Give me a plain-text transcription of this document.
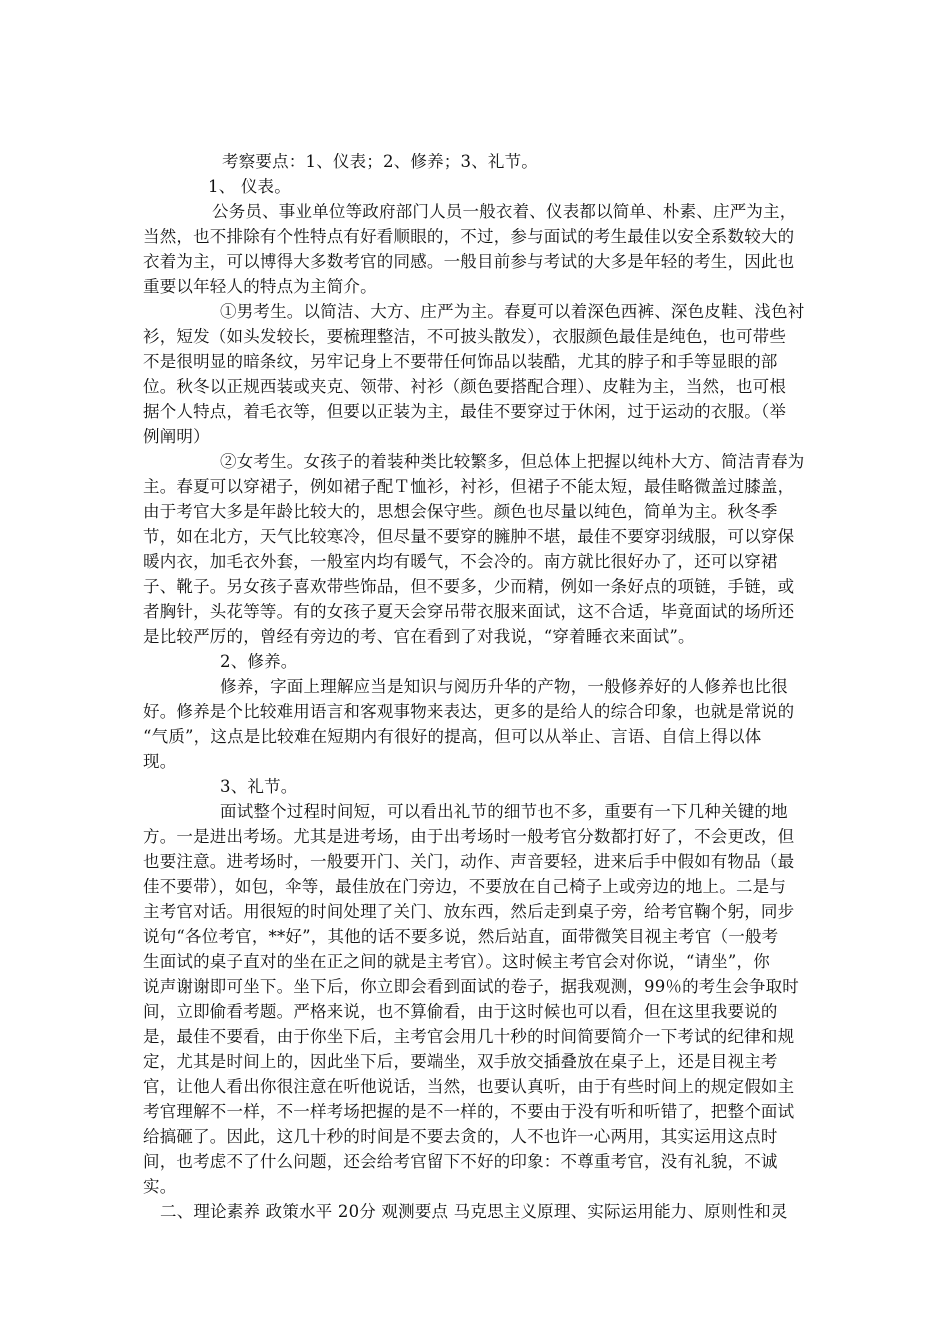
考察要点：1、仪表；2、修养；3、礼节。
1、 仪表。
公务员、事业单位等政府部门人员一般衣着、仪表都以简单、朴素、庄严为主，
当然，也不排除有个性特点有好看顺眼的，不过，参与面试的考生最佳以安全系数较大的
衣着为主，可以博得大多数考官的同感。一般目前参与考试的大多是年轻的考生，因此也
重要以年轻人的特点为主简介。
①男考生。以简洁、大方、庄严为主。春夏可以着深色西裤、深色皮鞋、浅色衬
衫，短发（如头发较长，要梳理整洁，不可披头散发），衣服颜色最佳是纯色，也可带些
不是很明显的暗条纹，另牢记身上不要带任何饰品以装酷，尤其的脖子和手等显眼的部
位。秋冬以正规西装或夹克、领带、衬衫（颜色要搭配合理）、皮鞋为主，当然，也可根
据个人特点，着毛衣等，但要以正装为主，最佳不要穿过于休闲，过于运动的衣服。（举
例阐明）
②女考生。女孩子的着装种类比较繁多，但总体上把握以纯朴大方、简洁青春为
主。春夏可以穿裙子，例如裙子配Ｔ恤衫，衬衫，但裙子不能太短，最佳略微盖过膝盖，
由于考官大多是年龄比较大的，思想会保守些。颜色也尽量以纯色，简单为主。秋冬季
节，如在北方，天气比较寒冷，但尽量不要穿的臃肿不堪，最佳不要穿羽绒服，可以穿保
暖内衣，加毛衣外套，一般室内均有暖气，不会冷的。南方就比很好办了，还可以穿裙
子、靴子。另女孩子喜欢带些饰品，但不要多，少而精，例如一条好点的项链，手链，或
者胸针，头花等等。有的女孩子夏天会穿吊带衣服来面试，这不合适，毕竟面试的场所还
是比较严厉的，曾经有旁边的考、官在看到了对我说，“穿着睡衣来面试”。
2、修养。
修养，字面上理解应当是知识与阅历升华的产物，一般修养好的人修养也比很
好。修养是个比较难用语言和客观事物来表达，更多的是给人的综合印象，也就是常说的
“气质”，这点是比较难在短期内有很好的提高，但可以从举止、言语、自信上得以体
现。
3、礼节。
面试整个过程时间短，可以看出礼节的细节也不多，重要有一下几种关键的地
方。一是进出考场。尤其是进考场，由于出考场时一般考官分数都打好了，不会更改，但
也要注意。进考场时，一般要开门、关门，动作、声音要轻，进来后手中假如有物品（最
佳不要带），如包，伞等，最佳放在门旁边，不要放在自己椅子上或旁边的地上。二是与
主考官对话。用很短的时间处理了关门、放东西，然后走到桌子旁，给考官鞠个躬，同步
说句“各位考官，**好”，其他的话不要多说，然后站直，面带微笑目视主考官（一般考
生面试的桌子直对的坐在正之间的就是主考官）。这时候主考官会对你说，“请坐”，你
说声谢谢即可坐下。坐下后，你立即会看到面试的卷子，据我观测，99％的考生会争取时
间，立即偷看考题。严格来说，也不算偷看，由于这时候也可以看，但在这里我要说的
是，最佳不要看，由于你坐下后，主考官会用几十秒的时间简要简介一下考试的纪律和规
定，尤其是时间上的，因此坐下后，要端坐，双手放交插叠放在桌子上，还是目视主考
官，让他人看出你很注意在听他说话，当然，也要认真听，由于有些时间上的规定假如主
考官理解不一样，不一样考场把握的是不一样的，不要由于没有听和听错了，把整个面试
给搞砸了。因此，这几十秒的时间是不要去贪的，人不也许一心两用，其实运用这点时
间，也考虑不了什么问题，还会给考官留下不好的印象：不尊重考官，没有礼貌，不诚
实。
二、理论素养 政策水平 20分 观测要点 马克思主义原理、实际运用能力、原则性和灵
